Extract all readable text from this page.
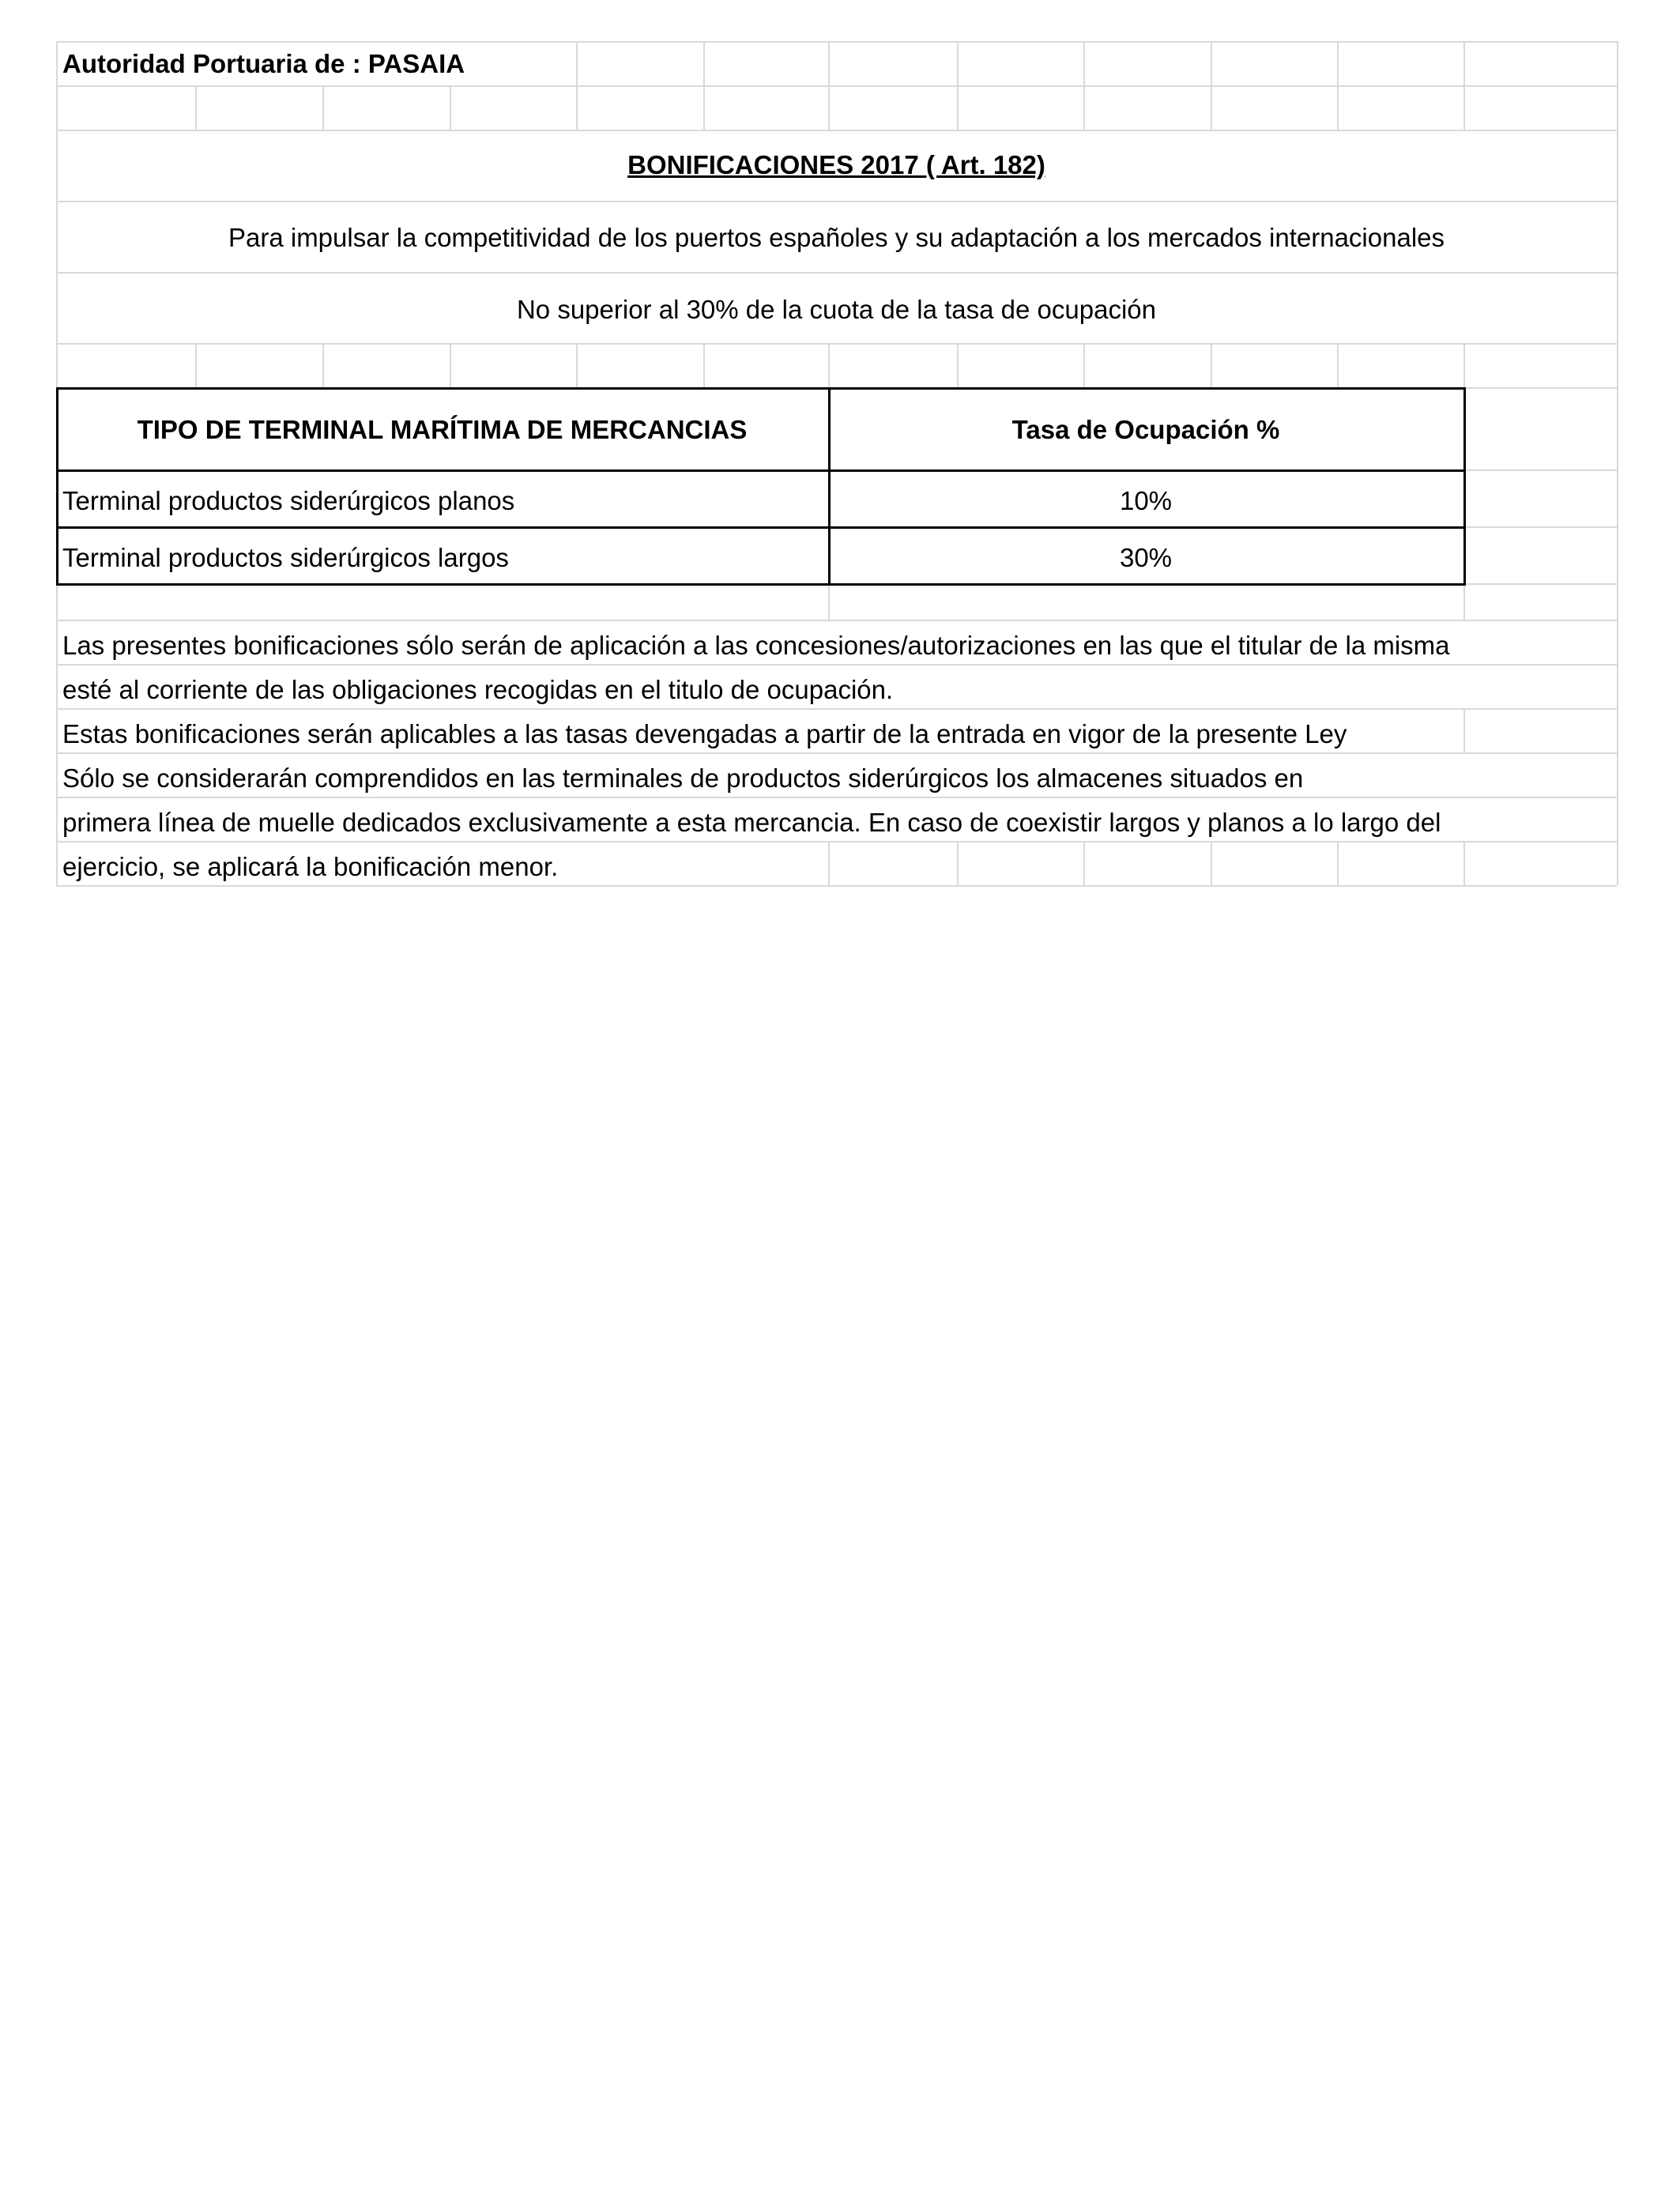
Autoridad Portuaria de : PASAIA
BONIFICACIONES 2017 ( Art. 182)
Para impulsar la competitividad de los puertos españoles y su adaptación a los mercados internacionales
No superior al 30% de la cuota de la tasa de ocupación
TIPO DE TERMINAL MARÍTIMA DE MERCANCIAS	Tasa de Ocupación %
Terminal productos siderúrgicos planos	10%
Terminal productos siderúrgicos largos	30%
Las presentes bonificaciones sólo serán de aplicación a las concesiones/autorizaciones en las que el titular de la misma
esté al corriente de las obligaciones recogidas en el titulo de ocupación.
Estas bonificaciones serán aplicables a las tasas devengadas a partir de la entrada en vigor de la presente Ley
Sólo se considerarán comprendidos en las terminales de productos siderúrgicos los almacenes situados en
primera línea de muelle dedicados exclusivamente a esta mercancia. En caso de coexistir largos y planos a lo largo del
ejercicio, se aplicará la bonificación menor.
